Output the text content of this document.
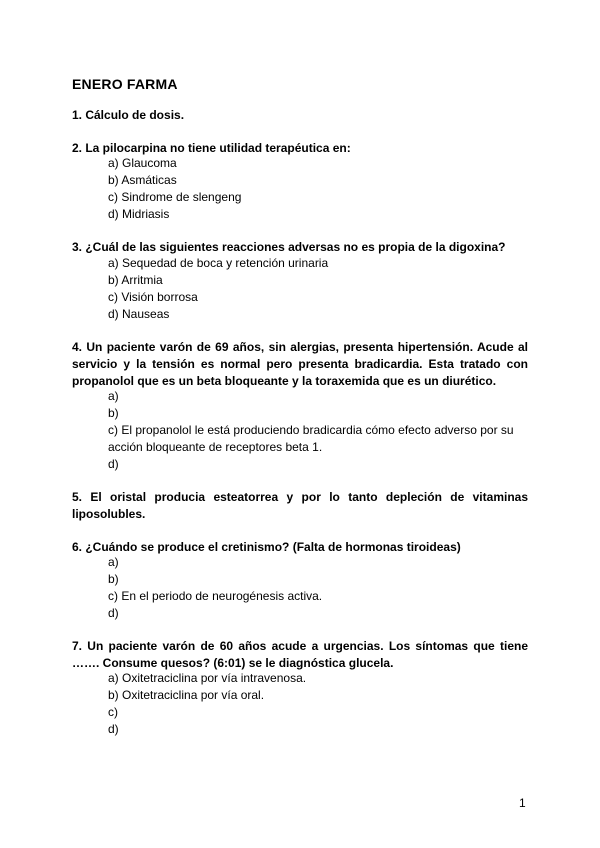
ENERO FARMA
1. Cálculo de dosis.
2. La pilocarpina no tiene utilidad terapéutica en:
a) Glaucoma
b) Asmáticas
c) Sindrome de slengeng
d) Midriasis
3. ¿Cuál de las siguientes reacciones adversas no es propia de la digoxina?
a) Sequedad de boca y retención urinaria
b) Arritmia
c) Visión borrosa
d) Nauseas
4. Un paciente varón de 69 años, sin alergias, presenta hipertensión. Acude al servicio y la tensión es normal pero presenta bradicardia. Esta tratado con propanolol que es un beta bloqueante y la toraxemida que es un diurético.
a)
b)
c) El propanolol le está produciendo bradicardia cómo efecto adverso por su acción bloqueante de receptores beta 1.
d)
5. El oristal producia esteatorrea y por lo tanto depleción de vitaminas liposolubles.
6. ¿Cuándo se produce el cretinismo? (Falta de hormonas tiroideas)
a)
b)
c) En el periodo de neurogénesis activa.
d)
7. Un paciente varón de 60 años acude a urgencias. Los síntomas que tiene ……. Consume quesos? (6:01) se le diagnóstica glucela.
a) Oxitetraciclina por vía intravenosa.
b) Oxitetraciclina por vía oral.
c)
d)
1
